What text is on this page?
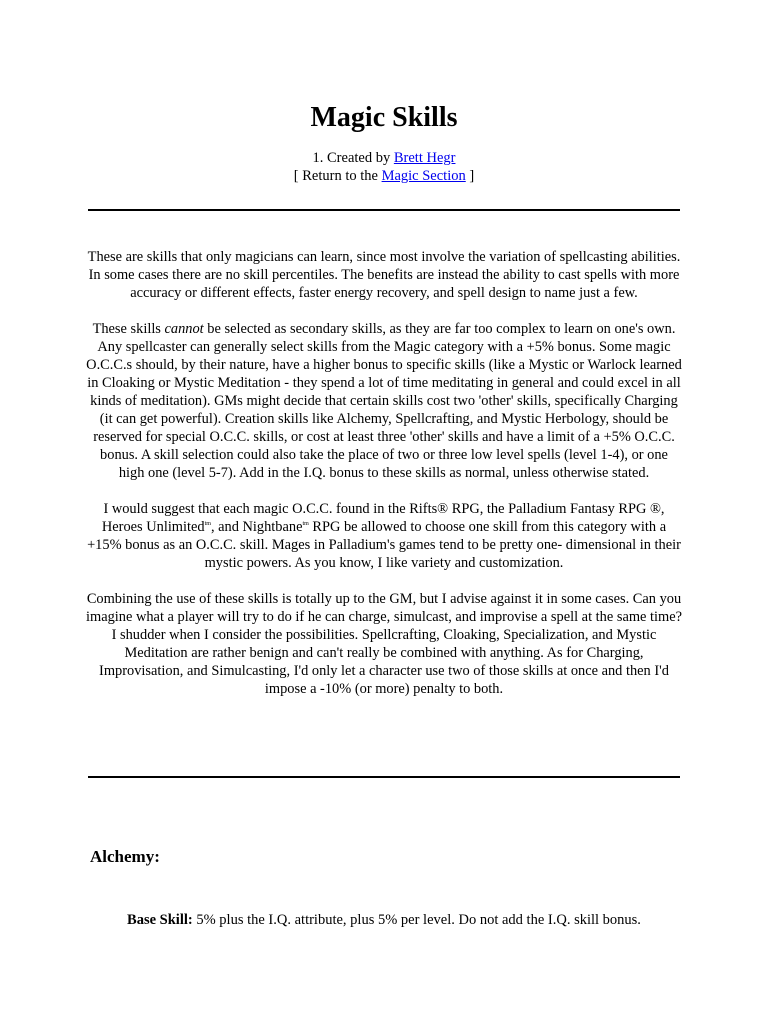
Magic Skills
1. Created by Brett Hegr
[ Return to the Magic Section ]

These are skills that only magicians can learn, since most involve the variation of spellcasting abilities. In some cases there are no skill percentiles. The benefits are instead the ability to cast spells with more accuracy or different effects, faster energy recovery, and spell design to name just a few.

These skills cannot be selected as secondary skills, as they are far too complex to learn on one's own. Any spellcaster can generally select skills from the Magic category with a +5% bonus. Some magic O.C.C.s should, by their nature, have a higher bonus to specific skills (like a Mystic or Warlock learned in Cloaking or Mystic Meditation - they spend a lot of time meditating in general and could excel in all kinds of meditation). GMs might decide that certain skills cost two 'other' skills, specifically Charging (it can get powerful). Creation skills like Alchemy, Spellcrafting, and Mystic Herbology, should be reserved for special O.C.C. skills, or cost at least three 'other' skills and have a limit of a +5% O.C.C. bonus. A skill selection could also take the place of two or three low level spells (level 1-4), or one high one (level 5-7). Add in the I.Q. bonus to these skills as normal, unless otherwise stated.

I would suggest that each magic O.C.C. found in the Rifts® RPG, the Palladium Fantasy RPG ®, Heroes Unlimited$^{tm}$, and Nightbane$^{tm}$ RPG be allowed to choose one skill from this category with a +15% bonus as an O.C.C. skill. Mages in Palladium's games tend to be pretty one- dimensional in their mystic powers. As you know, I like variety and customization.

Combining the use of these skills is totally up to the GM, but I advise against it in some cases. Can you imagine what a player will try to do if he can charge, simulcast, and improvise a spell at the same time? I shudder when I consider the possibilities. Spellcrafting, Cloaking, Specialization, and Mystic Meditation are rather benign and can't really be combined with anything. As for Charging, Improvisation, and Simulcasting, I'd only let a character use two of those skills at once and then I'd impose a -10% (or more) penalty to both.

Alchemy:
Base Skill: 5% plus the I.Q. attribute, plus 5% per level. Do not add the I.Q. skill bonus.
